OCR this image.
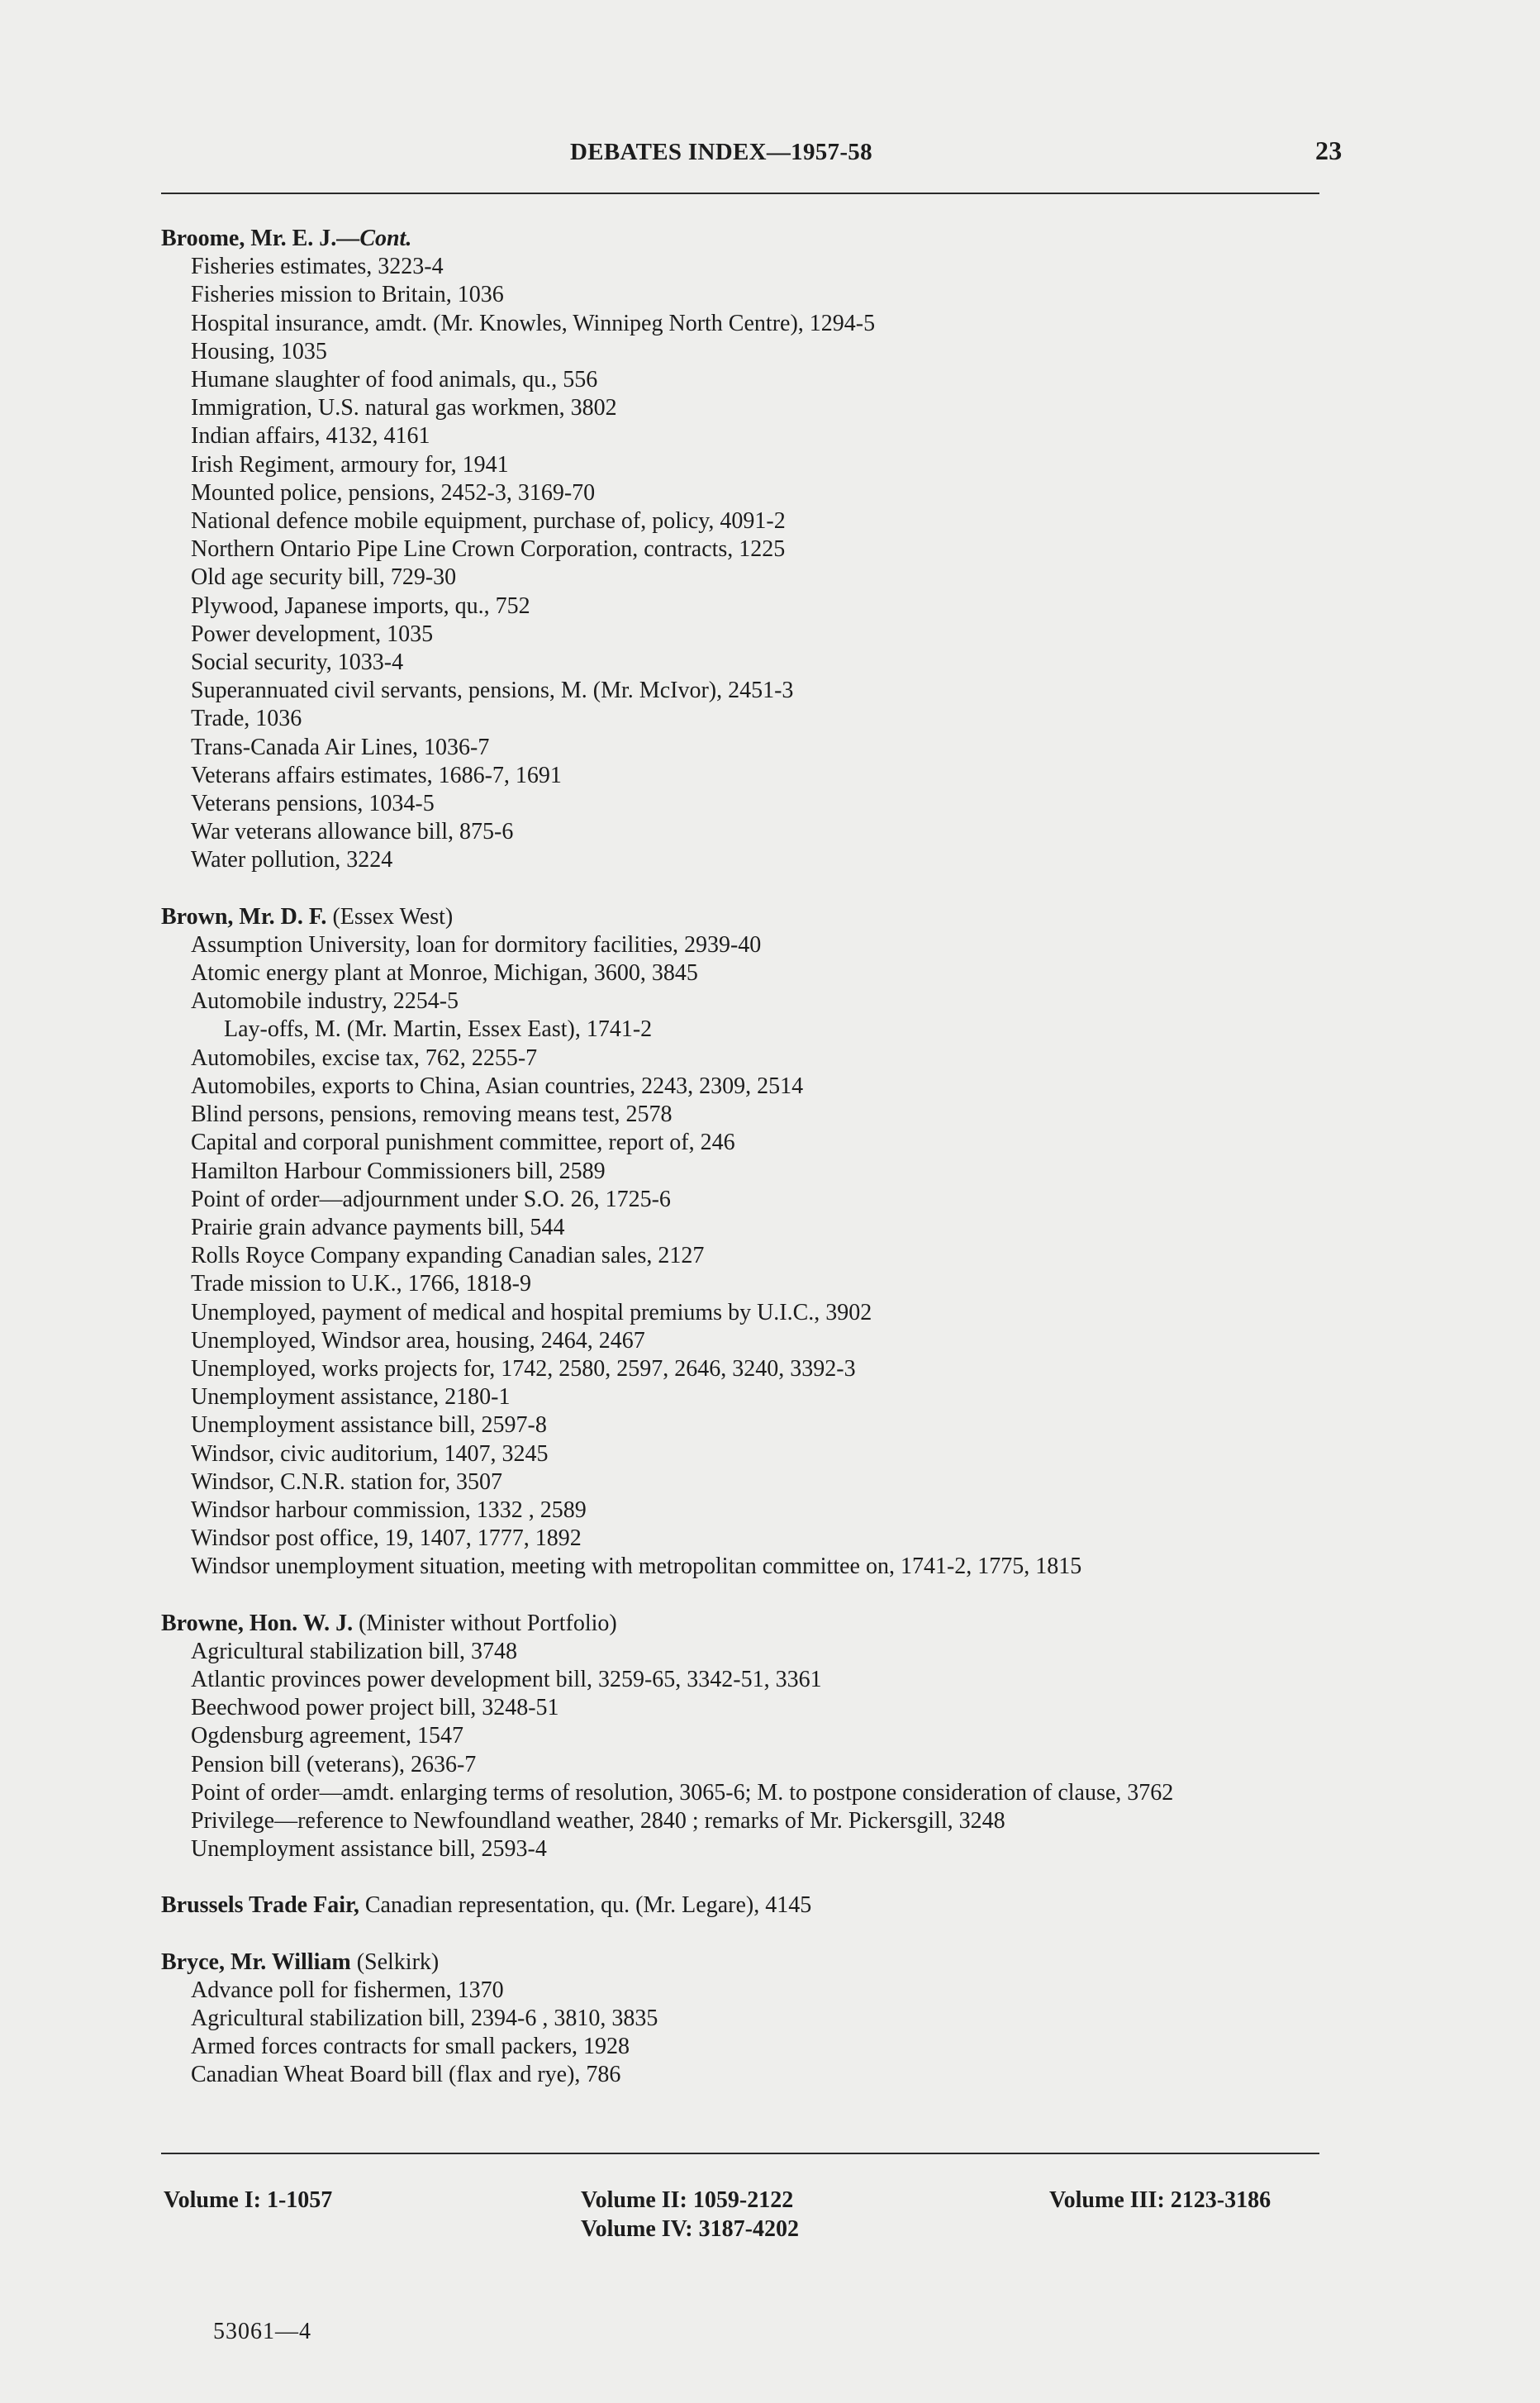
DEBATES INDEX—1957-58	23
Broome, Mr. E. J.—Cont.
Fisheries estimates, 3223-4
Fisheries mission to Britain, 1036
Hospital insurance, amdt. (Mr. Knowles, Winnipeg North Centre), 1294-5
Housing, 1035
Humane slaughter of food animals, qu., 556
Immigration, U.S. natural gas workmen, 3802
Indian affairs, 4132, 4161
Irish Regiment, armoury for, 1941
Mounted police, pensions, 2452-3, 3169-70
National defence mobile equipment, purchase of, policy, 4091-2
Northern Ontario Pipe Line Crown Corporation, contracts, 1225
Old age security bill, 729-30
Plywood, Japanese imports, qu., 752
Power development, 1035
Social security, 1033-4
Superannuated civil servants, pensions, M. (Mr. McIvor), 2451-3
Trade, 1036
Trans-Canada Air Lines, 1036-7
Veterans affairs estimates, 1686-7, 1691
Veterans pensions, 1034-5
War veterans allowance bill, 875-6
Water pollution, 3224
Brown, Mr. D. F. (Essex West)
Assumption University, loan for dormitory facilities, 2939-40
Atomic energy plant at Monroe, Michigan, 3600, 3845
Automobile industry, 2254-5
Lay-offs, M. (Mr. Martin, Essex East), 1741-2
Automobiles, excise tax, 762, 2255-7
Automobiles, exports to China, Asian countries, 2243, 2309, 2514
Blind persons, pensions, removing means test, 2578
Capital and corporal punishment committee, report of, 246
Hamilton Harbour Commissioners bill, 2589
Point of order—adjournment under S.O. 26, 1725-6
Prairie grain advance payments bill, 544
Rolls Royce Company expanding Canadian sales, 2127
Trade mission to U.K., 1766, 1818-9
Unemployed, payment of medical and hospital premiums by U.I.C., 3902
Unemployed, Windsor area, housing, 2464, 2467
Unemployed, works projects for, 1742, 2580, 2597, 2646, 3240, 3392-3
Unemployment assistance, 2180-1
Unemployment assistance bill, 2597-8
Windsor, civic auditorium, 1407, 3245
Windsor, C.N.R. station for, 3507
Windsor harbour commission, 1332 , 2589
Windsor post office, 19, 1407, 1777, 1892
Windsor unemployment situation, meeting with metropolitan committee on, 1741-2, 1775, 1815
Browne, Hon. W. J. (Minister without Portfolio)
Agricultural stabilization bill, 3748
Atlantic provinces power development bill, 3259-65, 3342-51, 3361
Beechwood power project bill, 3248-51
Ogdensburg agreement, 1547
Pension bill (veterans), 2636-7
Point of order—amdt. enlarging terms of resolution, 3065-6; M. to postpone consideration of clause, 3762
Privilege—reference to Newfoundland weather, 2840 ; remarks of Mr. Pickersgill, 3248
Unemployment assistance bill, 2593-4
Brussels Trade Fair, Canadian representation, qu. (Mr. Legare), 4145
Bryce, Mr. William (Selkirk)
Advance poll for fishermen, 1370
Agricultural stabilization bill, 2394-6 , 3810, 3835
Armed forces contracts for small packers, 1928
Canadian Wheat Board bill (flax and rye), 786
Volume I: 1-1057	Volume II: 1059-2122
Volume IV: 3187-4202
Volume III: 2123-3186
53061—4
